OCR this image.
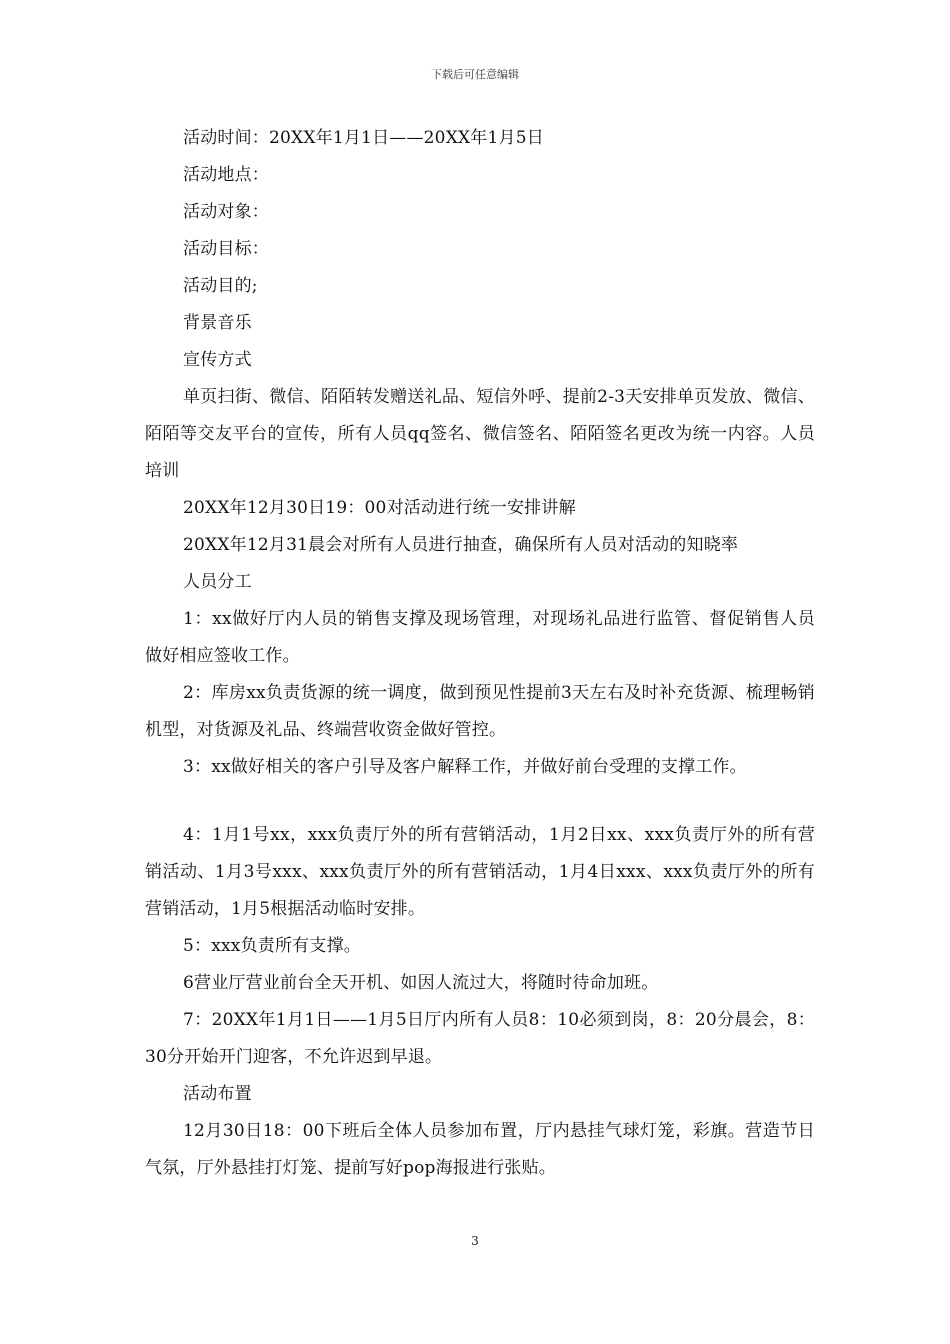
下载后可任意编辑

活动时间：20XX年1月1日——20XX年1月5日

活动地点：

活动对象：

活动目标：

活动目的;

背景音乐

宣传方式

单页扫街、微信、陌陌转发赠送礼品、短信外呼、提前2-3天安排单页发放、微信、陌陌等交友平台的宣传，所有人员qq签名、微信签名、陌陌签名更改为统一内容。人员培训

20XX年12月30日19：00对活动进行统一安排讲解

20XX年12月31晨会对所有人员进行抽查，确保所有人员对活动的知晓率

人员分工

1：xx做好厅内人员的销售支撑及现场管理，对现场礼品进行监管、督促销售人员做好相应签收工作。

2：库房xx负责货源的统一调度，做到预见性提前3天左右及时补充货源、梳理畅销机型，对货源及礼品、终端营收资金做好管控。

3：xx做好相关的客户引导及客户解释工作，并做好前台受理的支撑工作。

4：1月1号xx，xxx负责厅外的所有营销活动，1月2日xx、xxx负责厅外的所有营销活动、1月3号xxx、xxx负责厅外的所有营销活动，1月4日xxx、xxx负责厅外的所有营销活动，1月5根据活动临时安排。

5：xxx负责所有支撑。

6营业厅营业前台全天开机、如因人流过大，将随时待命加班。

7：20XX年1月1日——1月5日厅内所有人员8：10必须到岗，8：20分晨会，8：30分开始开门迎客，不允许迟到早退。

活动布置

12月30日18：00下班后全体人员参加布置，厅内悬挂气球灯笼，彩旗。营造节日气氛，厅外悬挂打灯笼、提前写好pop海报进行张贴。

3
